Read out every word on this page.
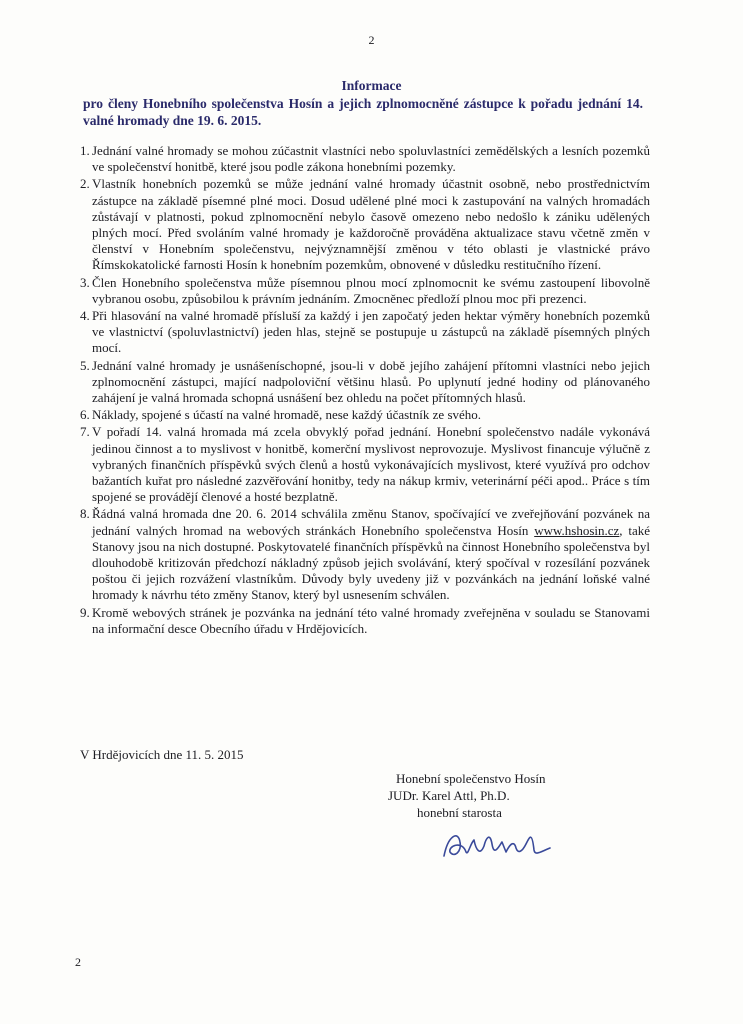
2
Informace
pro členy Honebního společenstva Hosín a jejich zplnomocněné zástupce k pořadu jednání 14. valné hromady dne 19. 6. 2015.
1. Jednání valné hromady se mohou zúčastnit vlastníci nebo spoluvlastníci zemědělských a lesních pozemků ve společenství honitbě, které jsou podle zákona honebními pozemky.
2. Vlastník honebních pozemků se může jednání valné hromady účastnit osobně, nebo prostřednictvím zástupce na základě písemné plné moci. Dosud udělené plné moci k zastupování na valných hromadách zůstávají v platnosti, pokud zplnomocnění nebylo časově omezeno nebo nedošlo k zániku udělených plných mocí. Před svoláním valné hromady je každoročně prováděna aktualizace stavu včetně změn v členství v Honebním společenstvu, nejvýznamnější změnou v této oblasti je vlastnické právo Římskokatolické farnosti Hosín k honebním pozemkům, obnovené v důsledku restitučního řízení.
3. Člen Honebního společenstva může písemnou plnou mocí zplnomocnit ke svému zastoupení libovolně vybranou osobu, způsobilou k právním jednáním. Zmocněnec předloží plnou moc při prezenci.
4. Při hlasování na valné hromadě přísluší za každý i jen započatý jeden hektar výměry honebních pozemků ve vlastnictví (spoluvlastnictví) jeden hlas, stejně se postupuje u zástupců na základě písemných plných mocí.
5. Jednání valné hromady je usnášeníschopné, jsou-li v době jejího zahájení přítomni vlastníci nebo jejich zplnomocnění zástupci, mající nadpoloviční většinu hlasů. Po uplynutí jedné hodiny od plánovaného zahájení je valná hromada schopná usnášení bez ohledu na počet přítomných hlasů.
6. Náklady, spojené s účastí na valné hromadě, nese každý účastník ze svého.
7. V pořadí 14. valná hromada má zcela obvyklý pořad jednání. Honební společenstvo nadále vykonává jedinou činnost a to myslivost v honitbě, komerční myslivost neprovozuje. Myslivost financuje výlučně z vybraných finančních příspěvků svých členů a hostů vykonávajících myslivost, které využívá pro odchov bažantích kuřat pro následné zazvěřování honitby, tedy na nákup krmiv, veterinární péči apod.. Práce s tím spojené se provádějí členové a hosté bezplatně.
8. Řádná valná hromada dne 20. 6. 2014 schválila změnu Stanov, spočívající ve zveřejňování pozvánek na jednání valných hromad na webových stránkách Honebního společenstva Hosín www.hshosin.cz, také Stanovy jsou na nich dostupné. Poskytovatelé finančních příspěvků na činnost Honebního společenstva byl dlouhodobě kritizován předchozí nákladný způsob jejich svolávání, který spočíval v rozesílání pozvánek poštou či jejich rozvážení vlastníkům. Důvody byly uvedeny již v pozvánkách na jednání loňské valné hromady k návrhu této změny Stanov, který byl usnesením schválen.
9. Kromě webových stránek je pozvánka na jednání této valné hromady zveřejněna v souladu se Stanovami na informační desce Obecního úřadu v Hrdějovicích.
V Hrdějovicích dne 11. 5. 2015
Honební společenstvo Hosín
JUDr. Karel Attl, Ph.D.
honební starosta
2
